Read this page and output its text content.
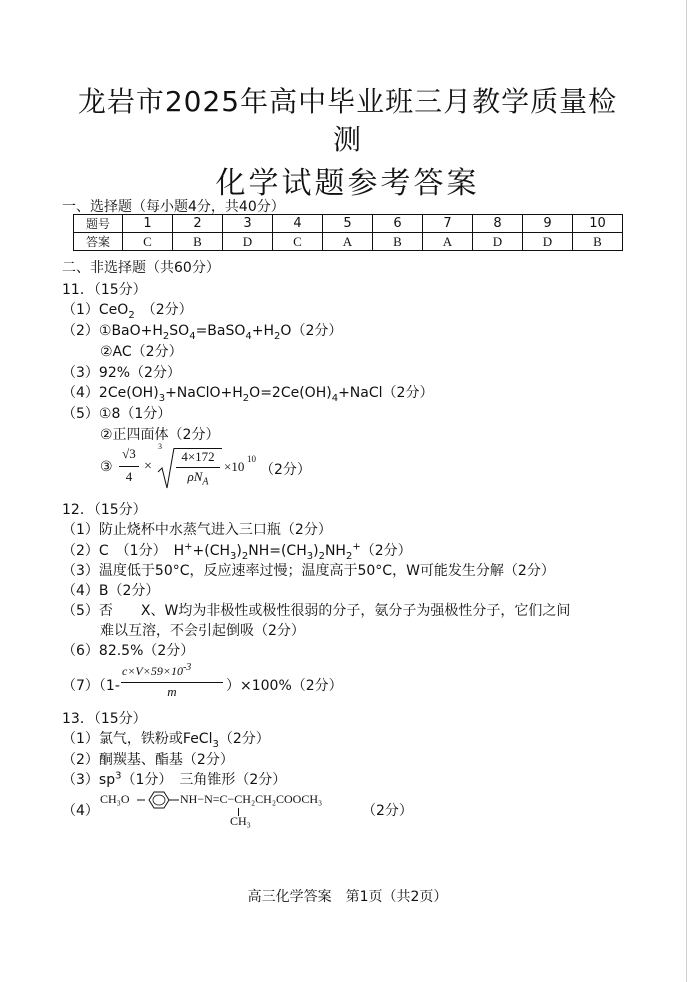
龙岩市2025年高中毕业班三月教学质量检
测
化学试题参考答案
一、选择题（每小题4分，共40分）
题号	1	2	3	4	5	6	7	8	9	10
答案	C	B	D	C	A	B	A	D	D	B
二、非选择题（共60分）
11．（15分）
（1）CeO$_2$　 （2分）
$(2)①BaO+H_2SO_4=BaSO_4+H_2O(2$分）
②AC（2分）
（3）92%（2分）
$(4)2Ce(OH)_3+NaClO+H_2O=2Ce(OH)_4+NaCl(2$分）
（5）①8（1分）
②正四面体（2分）
③
√3
4
×
3
4×172
$\rho N_A$
×10 10
（2分）
12．（15分）
（1）防止烧杯中水蒸气进入三口瓶（2分）
（2）C　（1分）　$H^++(CH_3)_2NH=(CH_3)_2NH_2^+(2$分）
（3）温度低于50°C，反应速率过慢；温度高于50°C，W可能发生分解（2分）
（4）B（2分）
（5）否　　X、W均为非极性或极性很弱的分子，氨分子为强极性分子，它们之间
难以互溶，不会引起倒吸（2分）
（6）82.5%（2分）
（7）（1-
$c\times V\times 59\times 10^{-3}$
m	）×100%（2分）
13．（15分）
（1）氯气，铁粉或FeCl$_3$（2分）
（2）酮羰基、酯基（2分）
$(3)sp^3(1$分）　三角锥形（2分）
（4）
CH₃O	NH−N=C−CH₂CH₂COOCH₃
CH₃
（2分）
高三化学答案　第1页（共2页）
